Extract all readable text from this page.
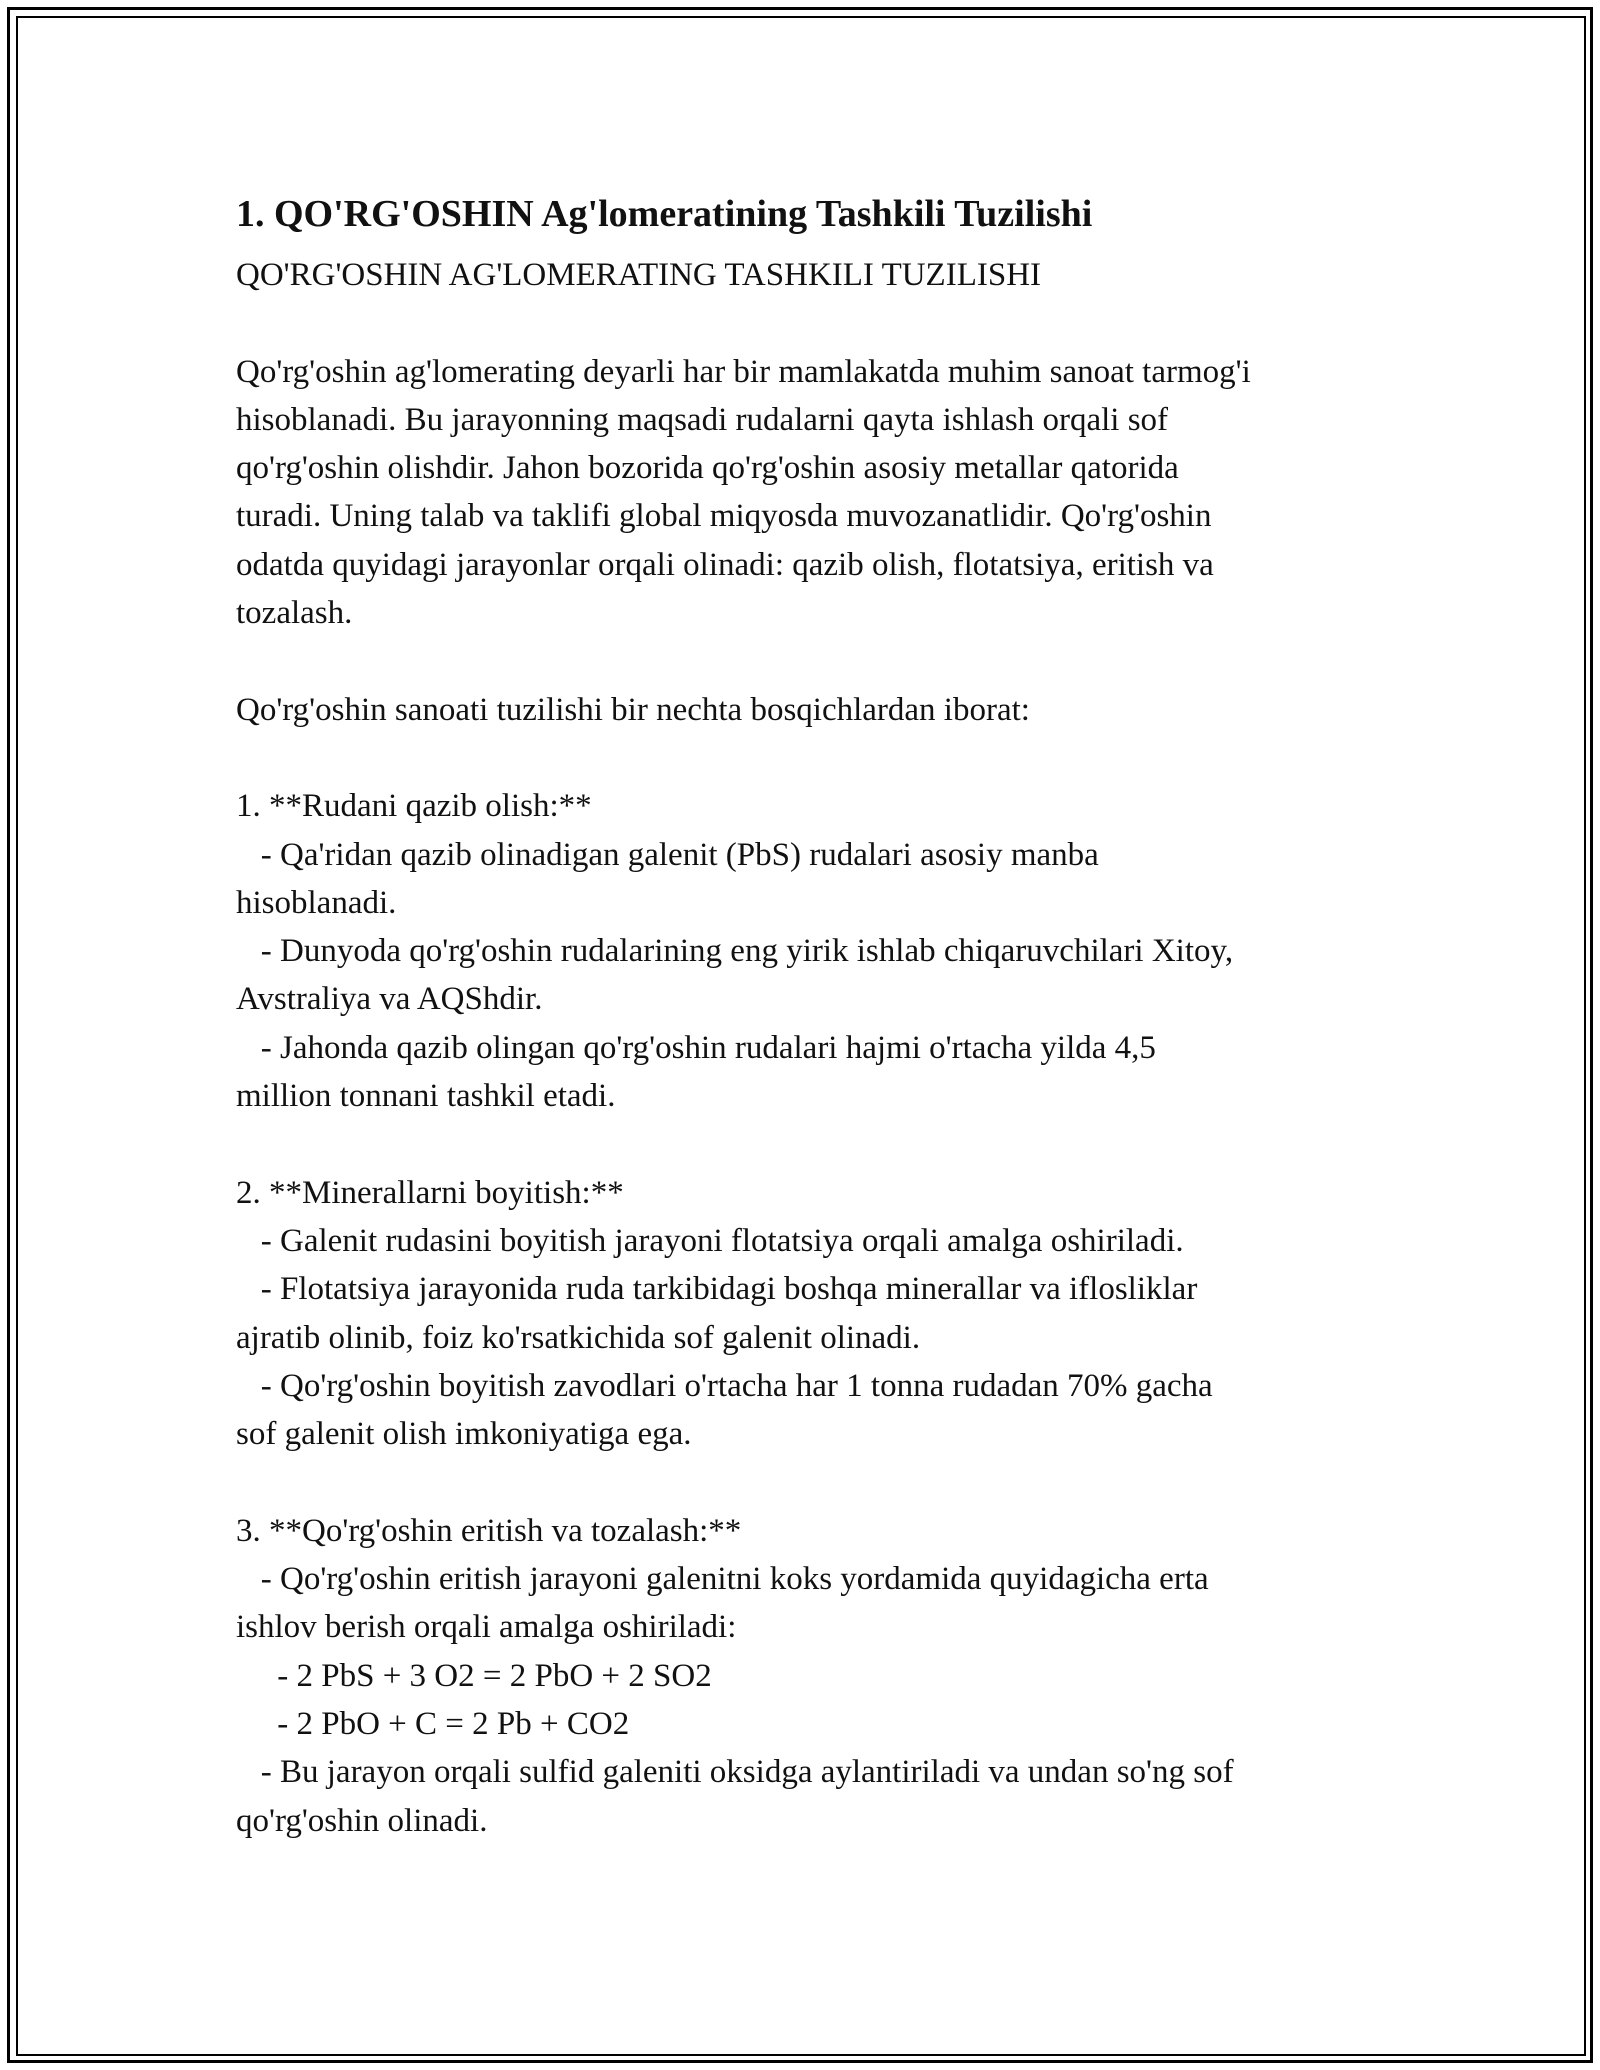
1. QO'RG'OSHIN Ag'lomeratining Tashkili Tuzilishi

QO'RG'OSHIN AG'LOMERATING TASHKILI TUZILISHI

Qo'rg'oshin ag'lomerating deyarli har bir mamlakatda muhim sanoat tarmog'i
hisoblanadi. Bu jarayonning maqsadi rudalarni qayta ishlash orqali sof
qo'rg'oshin olishdir. Jahon bozorida qo'rg'oshin asosiy metallar qatorida
turadi. Uning talab va taklifi global miqyosda muvozanatlidir. Qo'rg'oshin
odatda quyidagi jarayonlar orqali olinadi: qazib olish, flotatsiya, eritish va
tozalash.

Qo'rg'oshin sanoati tuzilishi bir nechta bosqichlardan iborat:

1. **Rudani qazib olish:**
- Qa'ridan qazib olinadigan galenit (PbS) rudalari asosiy manba
hisoblanadi.
- Dunyoda qo'rg'oshin rudalarining eng yirik ishlab chiqaruvchilari Xitoy,
Avstraliya va AQShdir.
- Jahonda qazib olingan qo'rg'oshin rudalari hajmi o'rtacha yilda 4,5
million tonnani tashkil etadi.

2. **Minerallarni boyitish:**
- Galenit rudasini boyitish jarayoni flotatsiya orqali amalga oshiriladi.
- Flotatsiya jarayonida ruda tarkibidagi boshqa minerallar va iflosliklar
ajratib olinib, foiz ko'rsatkichida sof galenit olinadi.
- Qo'rg'oshin boyitish zavodlari o'rtacha har 1 tonna rudadan 70% gacha
sof galenit olish imkoniyatiga ega.

3. **Qo'rg'oshin eritish va tozalash:**
- Qo'rg'oshin eritish jarayoni galenitni koks yordamida quyidagicha erta
ishlov berish orqali amalga oshiriladi:
- 2 PbS + 3 O2 = 2 PbO + 2 SO2
- 2 PbO + C = 2 Pb + CO2
- Bu jarayon orqali sulfid galeniti oksidga aylantiriladi va undan so'ng sof
qo'rg'oshin olinadi.
